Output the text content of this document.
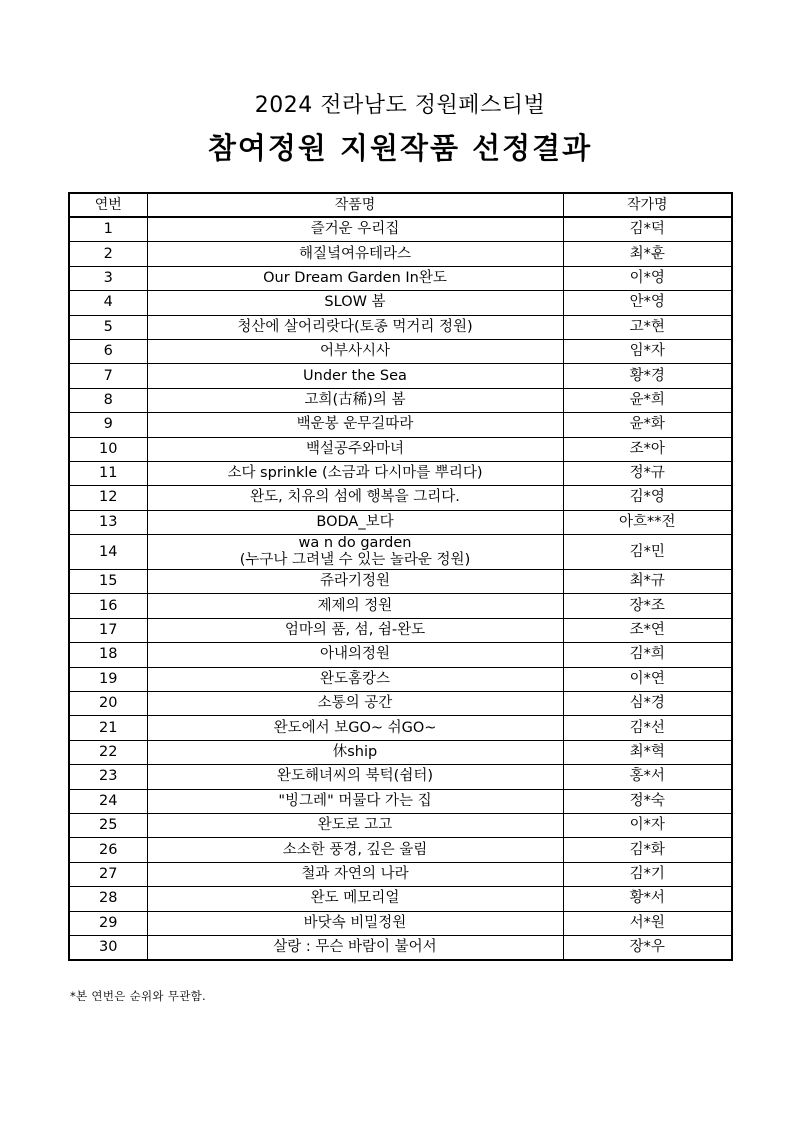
2024 전라남도 정원페스티벌
참여정원 지원작품 선정결과
연번	작품명	작가명
1	즐거운 우리집	김*덕
2	해질녘여유테라스	최*훈
3	Our Dream Garden In완도	이*영
4	SLOW 봄	안*영
5	청산에 살어리랏다(토종 먹거리 정원)	고*현
6	어부사시사	임*자
7	Under the Sea	황*경
8	고희(古稀)의 봄	윤*희
9	백운봉 운무길따라	윤*화
10	백설공주와마녀	조*아
11	소다 sprinkle (소금과 다시마를 뿌리다)	정*규
12	완도, 치유의 섬에 행복을 그리다.	김*영
13	BODA_보다	아흐**전
14	wa n do garden
(누구나 그려낼 수 있는 놀라운 정원)	김*민
15	쥬라기정원	최*규
16	제제의 정원	장*조
17	엄마의 품, 섬, 쉼-완도	조*연
18	아내의정원	김*희
19	완도홈캉스	이*연
20	소통의 공간	심*경
21	완도에서 보GO~ 쉬GO~	김*선
22	休ship	최*혁
23	완도해녀씨의 북턱(쉼터)	홍*서
24	"빙그레" 머물다 가는 집	정*숙
25	완도로 고고	이*자
26	소소한 풍경, 깊은 울림	김*화
27	철과 자연의 나라	김*기
28	완도 메모리얼	황*서
29	바닷속 비밀정원	서*원
30	살랑 : 무슨 바람이 불어서	장*우
*본 연번은 순위와 무관함.
